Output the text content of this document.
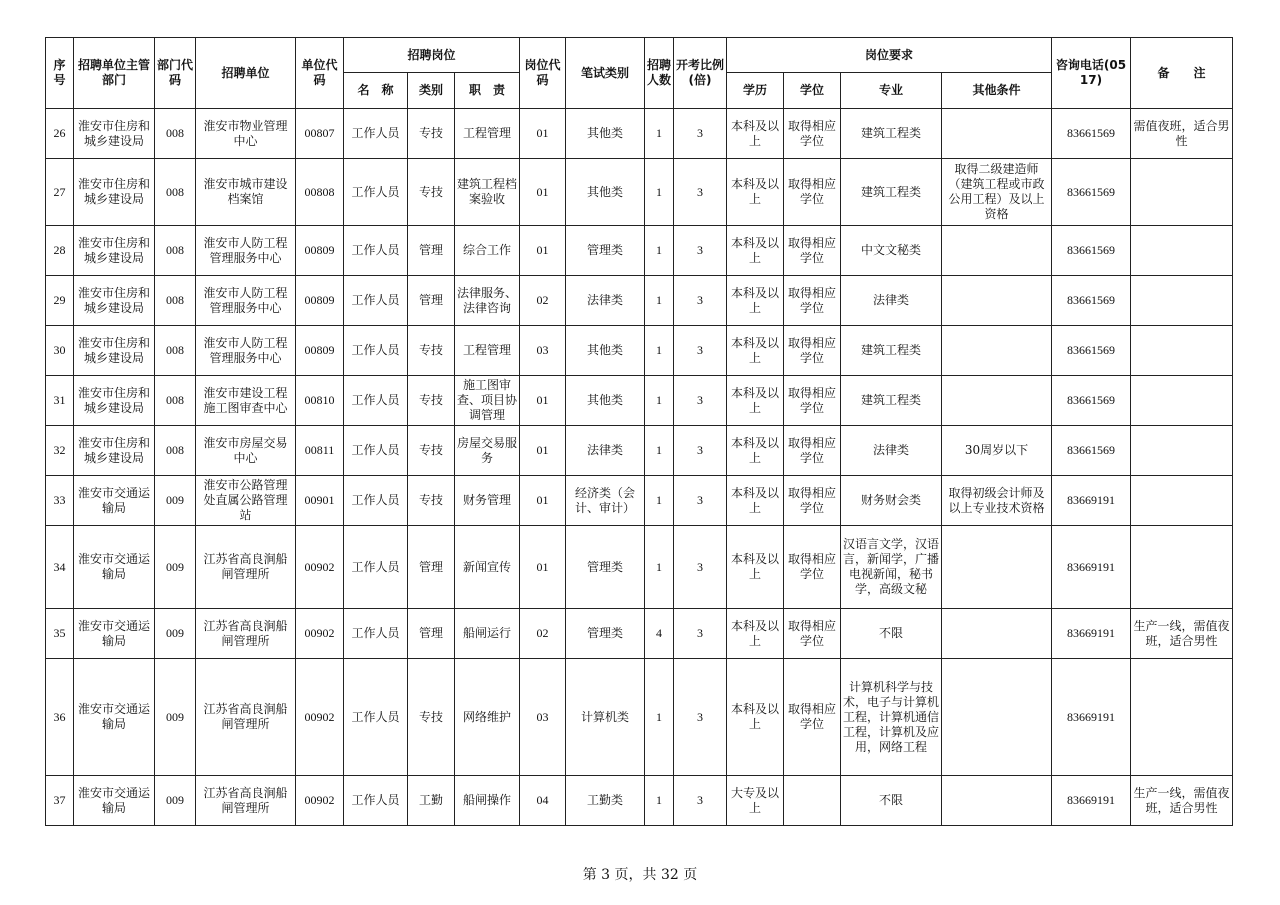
序号	招聘单位主管部门	部门代码	招聘单位	单位代码	招聘岗位			岗位代码	笔试类别	招聘人数	开考比例(倍)	岗位要求				咨询电话(0517)	备　　注
					名　称	类别	职　责					学历	学位	专业	其他条件		
26	淮安市住房和城乡建设局	008	淮安市物业管理中心	00807	工作人员	专技	工程管理	01	其他类	1	3	本科及以上	取得相应学位	建筑工程类		83661569	需值夜班，适合男性
27	淮安市住房和城乡建设局	008	淮安市城市建设档案馆	00808	工作人员	专技	建筑工程档案验收	01	其他类	1	3	本科及以上	取得相应学位	建筑工程类	取得二级建造师（建筑工程或市政公用工程）及以上资格	83661569	
28	淮安市住房和城乡建设局	008	淮安市人防工程管理服务中心	00809	工作人员	管理	综合工作	01	管理类	1	3	本科及以上	取得相应学位	中文文秘类		83661569	
29	淮安市住房和城乡建设局	008	淮安市人防工程管理服务中心	00809	工作人员	管理	法律服务、法律咨询	02	法律类	1	3	本科及以上	取得相应学位	法律类		83661569	
30	淮安市住房和城乡建设局	008	淮安市人防工程管理服务中心	00809	工作人员	专技	工程管理	03	其他类	1	3	本科及以上	取得相应学位	建筑工程类		83661569	
31	淮安市住房和城乡建设局	008	淮安市建设工程施工图审查中心	00810	工作人员	专技	施工图审查、项目协调管理	01	其他类	1	3	本科及以上	取得相应学位	建筑工程类		83661569	
32	淮安市住房和城乡建设局	008	淮安市房屋交易中心	00811	工作人员	专技	房屋交易服务	01	法律类	1	3	本科及以上	取得相应学位	法律类	30周岁以下	83661569	
33	淮安市交通运输局	009	淮安市公路管理处直属公路管理站	00901	工作人员	专技	财务管理	01	经济类（会计、审计）	1	3	本科及以上	取得相应学位	财务财会类	取得初级会计师及以上专业技术资格	83669191	
34	淮安市交通运输局	009	江苏省高良涧船闸管理所	00902	工作人员	管理	新闻宣传	01	管理类	1	3	本科及以上	取得相应学位	汉语言文学，汉语言，新闻学，广播电视新闻，秘书学，高级文秘		83669191	
35	淮安市交通运输局	009	江苏省高良涧船闸管理所	00902	工作人员	管理	船闸运行	02	管理类	4	3	本科及以上	取得相应学位	不限		83669191	生产一线，需值夜班，适合男性
36	淮安市交通运输局	009	江苏省高良涧船闸管理所	00902	工作人员	专技	网络维护	03	计算机类	1	3	本科及以上	取得相应学位	计算机科学与技术，电子与计算机工程，计算机通信工程，计算机及应用，网络工程		83669191	
37	淮安市交通运输局	009	江苏省高良涧船闸管理所	00902	工作人员	工勤	船闸操作	04	工勤类	1	3	大专及以上		不限		83669191	生产一线，需值夜班，适合男性
第 3 页，共 32 页
